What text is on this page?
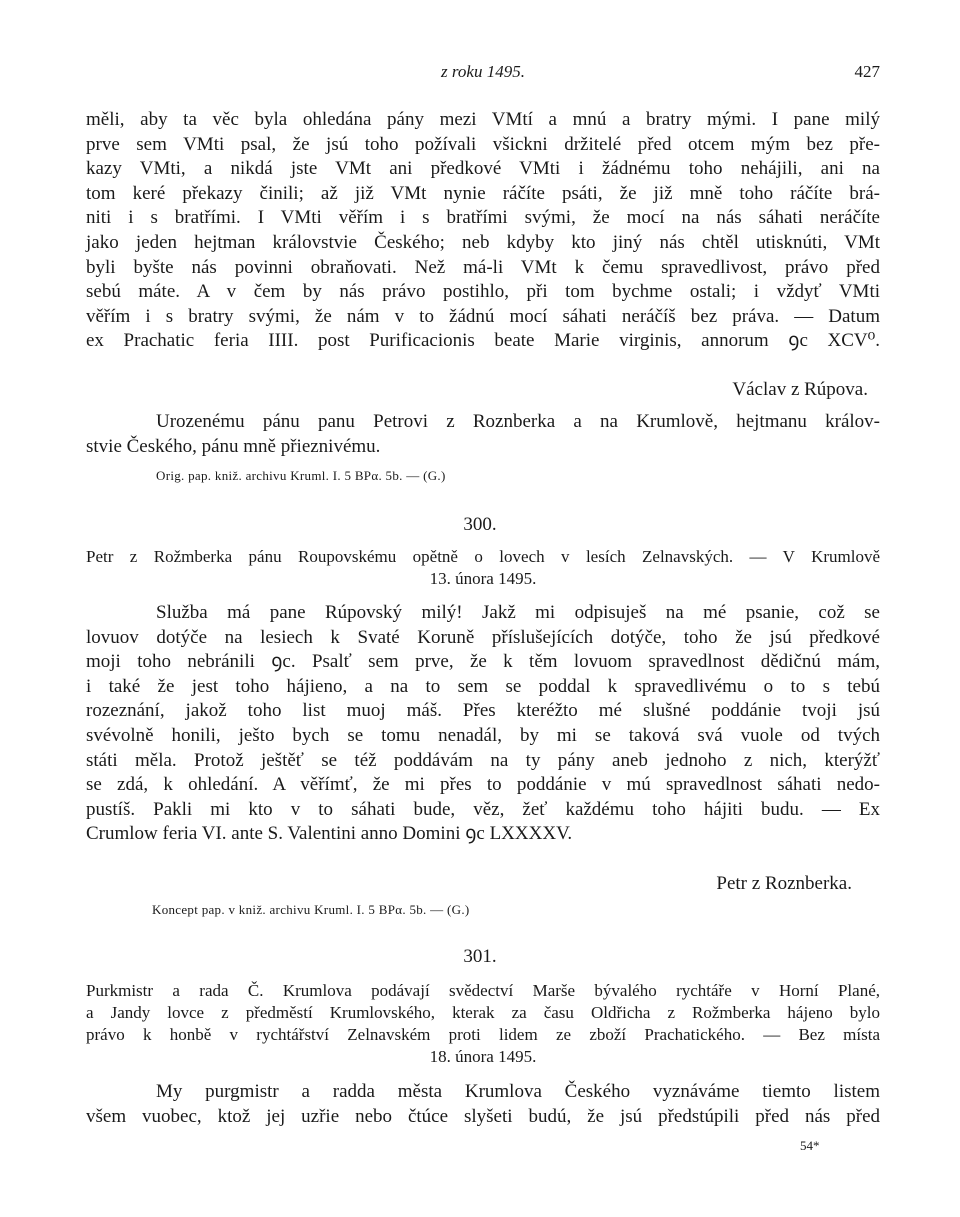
z roku 1495.	427
měli, aby ta věc byla ohledána pány mezi VMtí a mnú a bratry mými. I pane milý
prve sem VMti psal, že jsú toho požívali všickni držitelé před otcem mým bez pře-
kazy VMti, a nikdá jste VMt ani předkové VMti i žádnému toho nehájili, ani na
tom keré překazy činili; až již VMt nynie ráčíte psáti, že již mně toho ráčíte brá-
niti i s bratřími. I VMti věřím i s bratřími svými, že mocí na nás sáhati neráčíte
jako jeden hejtman královstvie Českého; neb kdyby kto jiný nás chtěl utisknúti, VMt
byli byšte nás povinni obraňovati. Než má-li VMt k čemu spravedlivost, právo před
sebú máte. A v čem by nás právo postihlo, při tom bychme ostali; i vždyť VMti
věřím i s bratry svými, že nám v to žádnú mocí sáhati neráčíš bez práva. — Datum
ex Prachatic feria IIII. post Purificacionis beate Marie virginis, annorum ꝯc XCV⁰.
Václav z Rúpova.
Urozenému pánu panu Petrovi z Roznberka a na Krumlově, hejtmanu králov-
stvie Českého, pánu mně přieznivému.
Orig. pap. kniž. archivu Kruml. I. 5 BPα. 5b. — (G.)
300.
Petr z Rožmberka pánu Roupovskému opětně o lovech v lesích Zelnavských. — V Krumlově
13. února 1495.
Služba má pane Rúpovský milý! Jakž mi odpisuješ na mé psanie, což se
lovuov dotýče na lesiech k Svaté Koruně příslušejících dotýče, toho že jsú předkové
moji toho nebránili ꝯc. Psalť sem prve, že k těm lovuom spravedlnost dědičnú mám,
i také že jest toho hájieno, a na to sem se poddal k spravedlivému o to s tebú
rozeznání, jakož toho list muoj máš. Přes kteréžto mé slušné poddánie tvoji jsú
svévolně honili, ješto bych se tomu nenadál, by mi se taková svá vuole od tvých
státi měla. Protož ještěť se též poddávám na ty pány aneb jednoho z nich, kterýžť
se zdá, k ohledání. A věřímť, že mi přes to poddánie v mú spravedlnost sáhati nedo-
pustíš. Pakli mi kto v to sáhati bude, věz, žeť každému toho hájiti budu. — Ex
Crumlow feria VI. ante S. Valentini anno Domini ꝯc LXXXXV.
Petr z Roznberka.
Koncept pap. v kniž. archivu Kruml. I. 5 BPα. 5b. — (G.)
301.
Purkmistr a rada Č. Krumlova podávají svědectví Marše bývalého rychtáře v Horní Plané,
a Jandy lovce z předměstí Krumlovského, kterak za času Oldřicha z Rožmberka hájeno bylo
právo k honbě v rychtářství Zelnavském proti lidem ze zboží Prachatického. — Bez místa
18. února 1495.
My purgmistr a radda města Krumlova Českého vyznáváme tiemto listem
všem vuobec, ktož jej uzřie nebo čtúce slyšeti budú, že jsú předstúpili před nás před
54*
